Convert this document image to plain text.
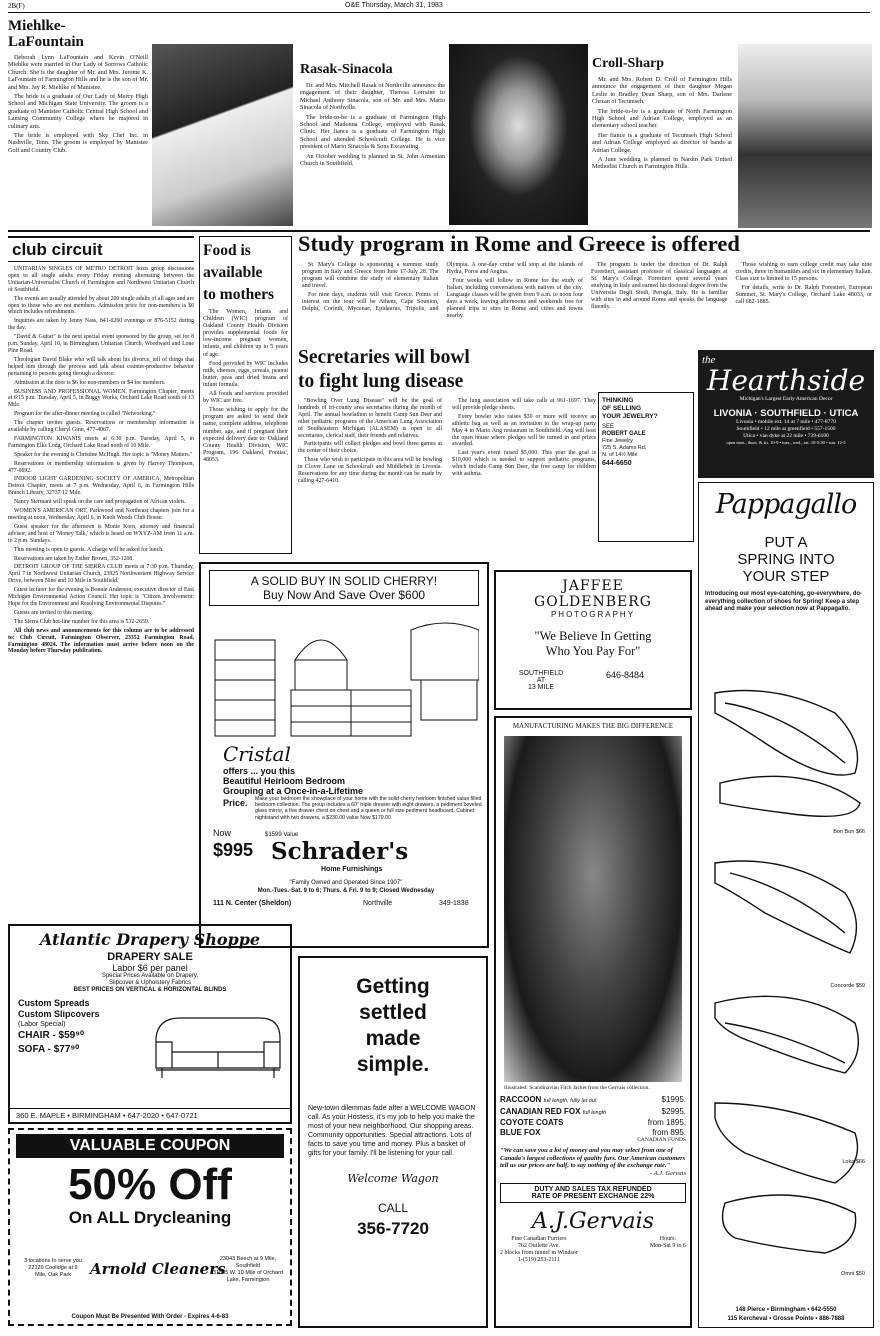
2B(F)	O&E Thursday, March 31, 1983
Miehlke-
LaFountain

Deborah Lynn LaFountain and Kevin O'Neill Miehlke were married in Our Lady of Sorrows Catholic Church. She is the daughter of Mr. and Mrs. Jerome K. LaFountain of Farmington Hills and he is the son of Mr. and Mrs. Jay R. Miehlke of Manistee.

The bride is a graduate of Our Lady of Mercy High School and Michigan State University. The groom is a graduate of Manistee Catholic Central High School and Lansing Community College where he majored in culinary arts.

The bride is employed with Sky Chef Inc. in Nashville, Tenn. The groom is employed by Manistee Golf and Country Club.

Rasak-Sinacola

Dr. and Mrs. Mitchell Rasak of Northville announce the engagement of their daughter, Theresa Lorraine to Michael Anthony Sinacola, son of Mr. and Mrs. Mario Sinacola of Northville.

The bride-to-be is a graduate of Farmington High School and Madonna College, employed with Rasak Clinic. Her fiance is a graduate of Farmington High School and attended Schoolcraft College. He is vice president of Mario Sinacola & Sons Excavating.

An October wedding is planned in St. John Armenian Church in Southfield.

Croll-Sharp

Mr. and Mrs. Robert D. Croll of Farmington Hills announce the engagement of their daughter Megan Leslie to Bradley Dean Sharp, son of Mrs. Darlene Chrzan of Tecumseh.

The bride-to-be is a graduate of North Farmington High School and Adrian College, employed as an elementary school teacher.

Her fiance is a graduate of Tecumseh High School and Adrian College employed as director of bands at Adrian College.

A June wedding is planned in Nardin Park United Methodist Church in Farmington Hills.

club circuit

UNITARIAN SINGLES OF METRO DETROIT hosts group discussions open to all single adults every Friday evening alternating between the Unitarian-Universalist Church of Farmington and Northwest Unitarian Church of Southfield.

The events are usually attended by about 200 single adults of all ages and are open to those who are not members. Admission price for non-members is $6 which includes refreshments.

Inquiries are taken by Jenny Nass, 841-0260 evenings or 876-5152 during the day.

"David & Guitar" is the next special event sponsored by the group, set for 8 p.m. Sunday, April 10, in Birmingham Unitarian Church, Woodward and Lone Pine Road.

Theologian David Blake who will talk about his divorce, tell of things that helped him through the process and talk about counter-productive behavior pertaining to persons going through a divorce.

Admission at the door is $6 for non-members or $4 for members.

BUSINESS AND PROFESSIONAL WOMEN, Farmington Chapter, meets at 6:15 p.m. Tuesday, April 5, in Buggy Works, Orchard Lake Road south of 13 Mile.

Program for the after-dinner meeting is called "Networking."

The chapter invites guests. Reservations or membership information is available by calling Cheryl Ginn, 477-4067.

FARMINGTON KIWANIS meets at 6:30 p.m. Tuesday, April 5, in Farmington Elks Lodg, Orchard Lake Road north of 10 Mile.

Speaker for the evening is Christine McHugh. Her topic is "Money Matters."

Reservations or membership information is given by Harvey Thompson, 477-0692.

INDOOR LIGHT GARDENING SOCIETY OF AMERICA, Metropolitan Detroit Chapter, meets at 7 p.m. Wednesday, April 6, in Farmington Hills Branch Library, 32737 12 Mile.

Nancy Stermant will speak on the care and propagation of African violets.

WOMEN'S AMERICAN ORT, Parkwood and Northeast chapters join for a meeting at noon, Wednesday, April 6, in Knob Woods Club House.

Guest speaker for the afternoon is Monte Korn, attorney and financial advisor, and host of 'Money Talk,' which is heard on WXYZ-AM from 11 a.m. to 2 p.m. Sundays.

This meeting is open to guests. A charge will be asked for lunch.

Reservations are taken by Esther Brown, 352-1208.

DETROIT GROUP OF THE SIERRA CLUB meets at 7:30 p.m. Thursday, April 7 in Northwest Unitarian Church, 23925 Northwestern Highway Service Drive, between Nine and 10 Mile in Southfield.

Guest lecturer for the evening is Bonnie Anderson, executive director of East Michigan Environmental Action Council. Her topic is "Citizen Involvement: Hope for the Environment and Resolving Environmental Disputes."

Guests are invited to this meeting.

The Sierra Club hot-line number for this area is 532-2659.

All club news and announcements for this column are to be addressed to: Club Circuit, Farmington Observer, 23352 Farmington Road, Farmington 48024. The information must arrive before noon on the Monday before Thursday publication.

Food is
available
to mothers

The Women, Infants and Children (WIC) program of Oakland County Health Division provides supplemental foods for low-income pregnant women, infants, and children up to 5 years of age.

Food provided by WIC includes milk, cheeses, eggs, cereals, peanut butter, peas and dried beans and infant formula.

All foods and services provided by WIC are free.

Those wishing to apply for the program are asked to send their name, complete address, telephone number, age, and if pregnant their expected delivery date to: Oakland County Health Division, WIC Program, 196 Oakland, Pontiac, 48053.

Study program in Rome and Greece is offered

St. Mary's College is sponsoring a summer study program in Italy and Greece from June 17-July 28. The program will combine the study of elementary Italian and travel.

For nine days, students will visit Greece. Points of interest on the tour will be Athens, Cape Sounion, Delphi, Corinth, Mycenae, Epidaurus, Tripolis, and Olympia. A one-day cruise will stop at the islands of Hydra, Poros and Aegina.

Four weeks will follow in Rome for the study of Italian, including conversations with natives of the city. Language classes will be given from 9 a.m. to noon four days a week, leaving afternoons and weekends free for planned trips to sites in Rome and cities and towns nearby.

The program is under the direction of Dr. Ralph Forestieri, assistant professor of classical languages at St. Mary's College. Forestieri spent several years studying in Italy and earned his doctoral degree from the Universita Degli Studi, Perugia, Italy. He is familiar with sites in and around Rome and speaks the language fluently.

Those wishing to earn college credit may take nine credits, three in humanities and six in elementary Italian. Class size is limited to 15 persons.

For details, write to Dr. Ralph Forestieri, European Summer, St. Mary's College, Orchard Lake 48033, or call 682-1885.

Secretaries will bowl
to fight lung disease

"Bowling Over Lung Disease" will be the goal of hundreds of tri-county area secretaries during the month of April. The annual bowlathon to benefit Camp Sun Deer and other pediatric programs of the American Lung Association of Southeastern Michigan (ALASEM) is open to all secretaries, clerical staff, their friends and relatives.

Participants will collect pledges and bowl three games at the center of their choice.

Those who wish to participate in this area will be bowling in Clover Lane on Schoolcraft and Middlebelt in Livonia. Reservations for any time during the month can be made by calling 427-6410.

The lung association will take calls at 961-1697. They will provide pledge sheets.

Every bowler who raises $30 or more will receive an athletic bag as well as an invitation to the wrap-up party May 4 in Mario Ang restaurant in Southfield. Ang will host the open house where pledges will be turned in and prizes awarded.

Last year's event raised $5,000. This year the goal is $10,000 which is needed to support pediatric programs, which include Camp Sun Deer, the free camp for children with asthma.

THINKING
OF SELLING
YOUR JEWELRY?
SEE
ROBERT GALE
Fine Jewelry
725 S. Adams Rd.
N. of 14½ Mile
644-6650
the
Hearthside
Michigan's Largest Early American Decor
LIVONIA · SOUTHFIELD · UTICA
Livonia • mobile ext. 14 at 7 mile • 477-8770
Southfield • 12 mile at greenfield • 557-1500
Utica • van dyke at 22 mile • 739-6100
open mon., thurs. & fri. 10-9 • tues., wed., sat. 10-5:30 • sun. 12-5
Pappagallo
PUT A
SPRING INTO
YOUR STEP
Introducing our most eye-catching, go-everywhere, do-everything collection of shoes for Spring! Keep a step ahead and make your selection now at Pappagallo.
Bon Bon $66
Concorde $59
Loka $66
Omni $50
148 Pierce • Birmingham • 642-5550
115 Kercheval • Grosse Pointe • 886-7888
A SOLID BUY IN SOLID CHERRY!
Buy Now And Save Over $600
Cristal
offers ... you this
Beautiful Heirloom Bedroom
Grouping at a Once-in-a-Lifetime
Price. Make your bedroom the showplace of your home with the solid cherry heirloom finished value filled bedroom collection. The group includes a 60" triple dresser with eight drawers, a pediment beveled glass mirror, a five drawer chest on chest and a queen or full size pediment headboard. Cabinet nightstand with two drawers, a $230.00 value Now $179.00
$1599 Value
Now
$995 Schrader's
Home Furnishings
"Family Owned and Operated Since 1907"
Mon.-Tues.-Sat. 9 to 6; Thurs. & Fri. 9 to 9; Closed Wednesday
111 N. Center (Sheldon)	Northville	349-1838
JAFFEE GOLDENBERG
PHOTOGRAPHY
"We Believe In Getting
Who You Pay For"
SOUTHFIELD
AT
13 MILE
646-8484
MANUFACTURING MAKES THE BIG DIFFERENCE
Illustrated: Scandinavian Fitch Jacket from the Gervais collection.
RACCOON full length, fully let out	$1995.
CANADIAN RED FOX full length	$2995.
COYOTE COATS	from 1895.
BLUE FOX	from 895.
CANADIAN FUNDS
"We can save you a lot of money and you may select from one of Canada's largest collections of quality furs. Our American customers tell us our prices are half, to say nothing of the exchange rate."
- A.J. Gervais
DUTY AND SALES TAX REFUNDED
RATE OF PRESENT EXCHANGE 22%
A.J.Gervais
Fine Canadian Furriers
762 Ouilette Ave.
2 blocks from tunnel in Windsor
1-(519) 253-2111
Hours:
Mon-Sat 9 to 6
Getting
settled
made
simple.
New-town dilemmas fade after a WELCOME WAGON call. As your Hostess, it's my job to help you make the most of your new neighborhood. Our shopping areas. Community opportunities. Special attractions. Lots of facts to save you time and money. Plus a basket of gifts for your family. I'll be listening for your call.
Welcome Wagon
CALL
356-7720
Atlantic Drapery Shoppe
DRAPERY SALE
Labor $6 per panel
Special Prices Available on Drapery,
Slipcover & Upholstery Fabrics
BEST PRICES ON VERTICAL & HORIZONTAL BLINDS
Custom Spreads
Custom Slipcovers
(Labor Special)
CHAIR - $59⁹⁰
SOFA - $77⁹⁰
360 E. MAPLE • BIRMINGHAM • 647-2020 • 647-0721
VALUABLE COUPON
50% Off
On ALL Drycleaning
3 locations to serve you
22126 Coolidge at 9 Mile, Oak Park	Arnold Cleaners
23043 Beech at 9 Mile, Southfield
31855 W. 10 Mile of Orchard Lake, Farmington
Coupon Must Be Presented With Order - Expires 4-6-83
